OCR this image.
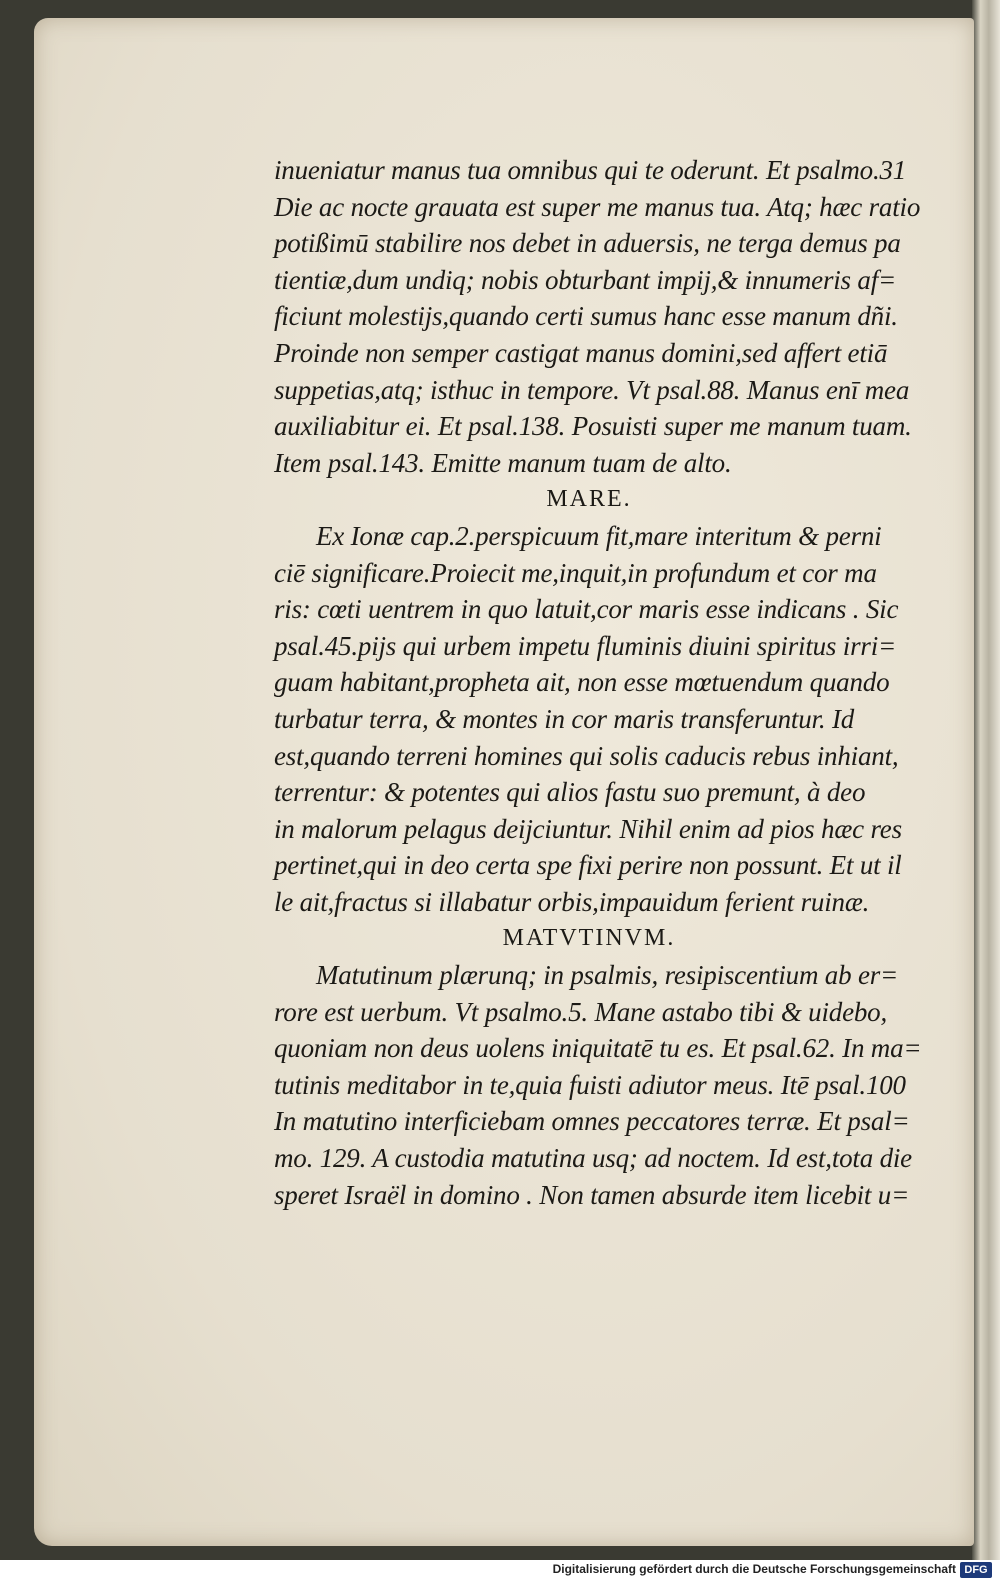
inueniatur manus tua omnibus qui te oderunt. Et psalmo.31
Die ac nocte grauata est super me manus tua. Atq; hæc ratio
potißimū stabilire nos debet in aduersis, ne terga demus pa
tientiæ,dum undiq; nobis obturbant impij,& innumeris af=
ficiunt molestijs,quando certi sumus hanc esse manum dñi.
Proinde non semper castigat manus domini,sed affert etiā
suppetias,atq; isthuc in tempore. Vt psal.88. Manus enī mea
auxiliabitur ei. Et psal.138. Posuisti super me manum tuam.
Item psal.143. Emitte manum tuam de alto.
MARE.
Ex Ionæ cap.2.perspicuum fit,mare interitum & perni
ciē significare.Proiecit me,inquit,in profundum et cor ma
ris: cœti uentrem in quo latuit,cor maris esse indicans . Sic
psal.45.pijs qui urbem impetu fluminis diuini spiritus irri=
guam habitant,propheta ait, non esse mœtuendum quando
turbatur terra, & montes in cor maris transferuntur. Id
est,quando terreni homines qui solis caducis rebus inhiant,
terrentur: & potentes qui alios fastu suo premunt, à deo
in malorum pelagus deijciuntur. Nihil enim ad pios hæc res
pertinet,qui in deo certa spe fixi perire non possunt. Et ut il
le ait,fractus si illabatur orbis,impauidum ferient ruinæ.
MATVTINVM.
Matutinum plærunq; in psalmis, resipiscentium ab er=
rore est uerbum. Vt psalmo.5. Mane astabo tibi & uidebo,
quoniam non deus uolens iniquitatē tu es. Et psal.62. In ma=
tutinis meditabor in te,quia fuisti adiutor meus. Itē psal.100
In matutino interficiebam omnes peccatores terræ. Et psal=
mo. 129. A custodia matutina usq; ad noctem. Id est,tota die
speret Israël in domino . Non tamen absurde item licebit u=
Digitalisierung gefördert durch die Deutsche Forschungsgemeinschaft DFG
